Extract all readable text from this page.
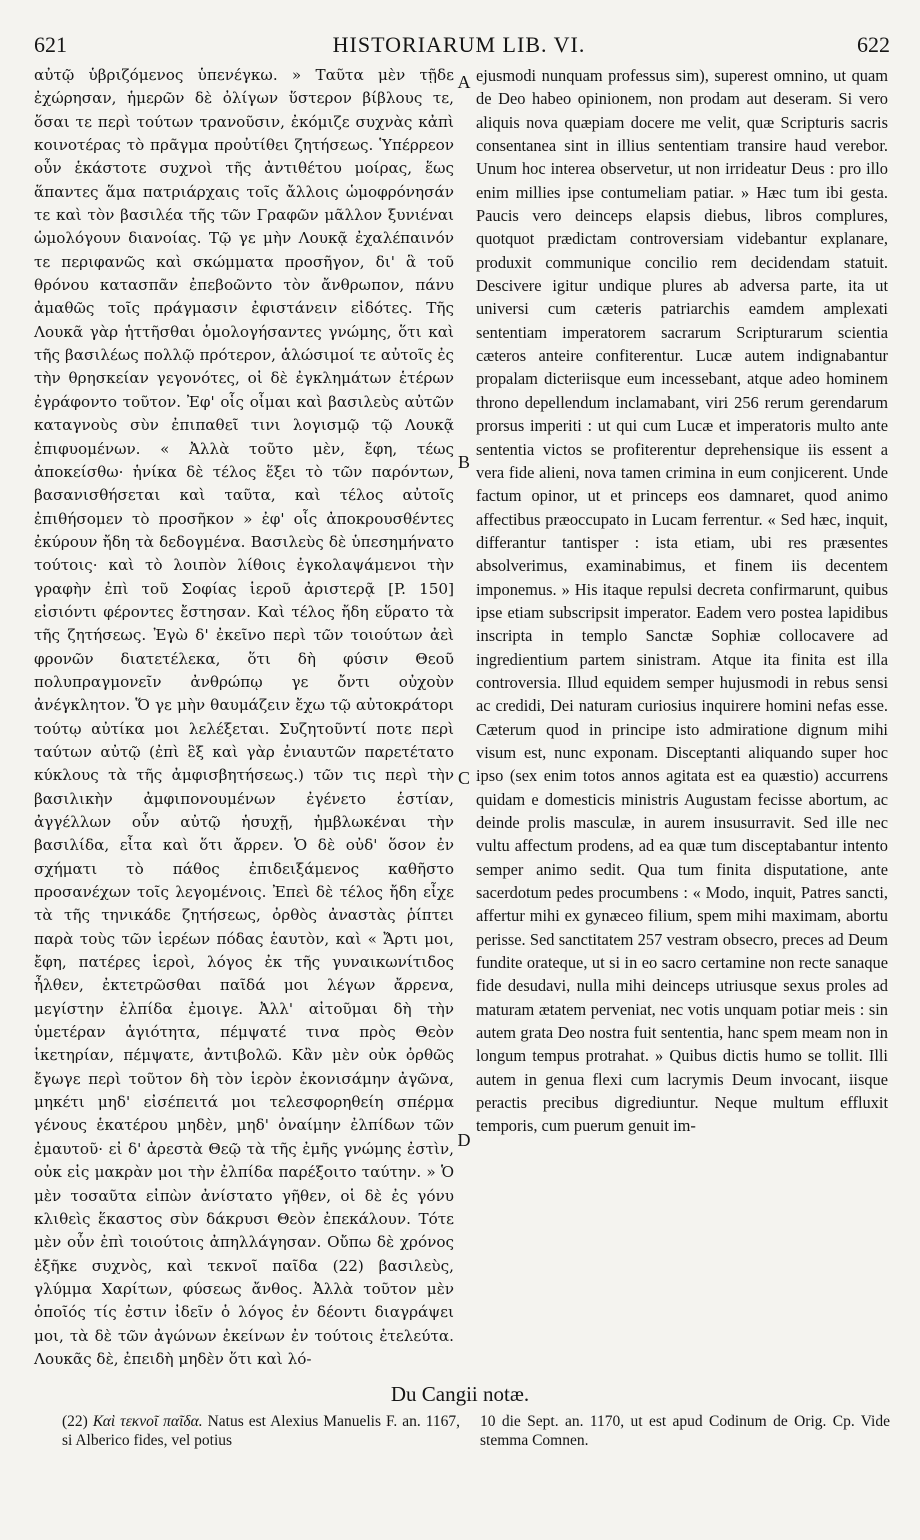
621	HISTORIARUM LIB. VI.	622

αὐτῷ ὑβριζόμενος ὑπενέγκω. » Ταῦτα μὲν τῇδε ἐχώρησαν, ἡμερῶν δὲ ὀλίγων ὕστερον βίβλους τε, ὅσαι τε περὶ τούτων τρανοῦσιν, ἐκόμιζε συχνὰς κἀπὶ κοινοτέρας τὸ πρᾶγμα προὐτίθει ζητήσεως. Ὑπέρρεον οὖν ἑκάστοτε συχνοὶ τῆς ἀντιθέτου μοίρας, ἕως ἅπαντες ἅμα πατριάρχαις τοῖς ἄλλοις ὡμοφρόνησάν τε καὶ τὸν βασιλέα τῆς τῶν Γραφῶν μᾶλλον ξυνιέναι ὡμολόγουν διανοίας. Τῷ γε μὴν Λουκᾷ ἐχαλέπαινόν τε περιφανῶς καὶ σκώμματα προσῆγον, δι' ἃ τοῦ θρόνου κατασπᾶν ἐπεβοῶντο τὸν ἄνθρωπον, πάνυ ἀμαθῶς τοῖς πράγμασιν ἐφιστάνειν εἰδότες. Τῆς Λουκᾶ γὰρ ἡττῆσθαι ὁμολογήσαντες γνώμης, ὅτι καὶ τῆς βασιλέως πολλῷ πρότερον, ἁλώσιμοί τε αὐτοῖς ἐς τὴν θρησκείαν γεγονότες, οἱ δὲ ἐγκλημάτων ἑτέρων ἐγράφοντο τοῦτον. Ἐφ' οἷς οἶμαι καὶ βασιλεὺς αὐτῶν καταγνοὺς σὺν ἐπιπαθεῖ τινι λογισμῷ τῷ Λουκᾷ ἐπιφυομένων. « Ἀλλὰ τοῦτο μὲν, ἔφη, τέως ἀποκείσθω· ἡνίκα δὲ τέλος ἕξει τὸ τῶν παρόντων, βασανισθήσεται καὶ ταῦτα, καὶ τέλος αὐτοῖς ἐπιθήσομεν τὸ προσῆκον » ἐφ' οἷς ἀποκρουσθέντες ἐκύρουν ἤδη τὰ δεδογμένα. Βασιλεὺς δὲ ὑπεσημήνατο τούτοις· καὶ τὸ λοιπὸν λίθοις ἐγκολαψάμενοι τὴν γραφὴν ἐπὶ τοῦ Σοφίας ἱεροῦ ἀριστερᾷ [P. 150] εἰσιόντι φέροντες ἔστησαν. Καὶ τέλος ἤδη εὕρατο τὰ τῆς ζητήσεως. Ἐγὼ δ' ἐκεῖνο περὶ τῶν τοιούτων ἀεὶ φρονῶν διατετέλεκα, ὅτι δὴ φύσιν Θεοῦ πολυπραγμονεῖν ἀνθρώπῳ γε ὄντι οὐχοὺν ἀνέγκλητον. Ὅ γε μὴν θαυμάζειν ἔχω τῷ αὐτοκράτορι τούτῳ αὐτίκα μοι λελέξεται. Συζητοῦντί ποτε περὶ ταύτων αὐτῷ (ἐπὶ ἓξ καὶ γὰρ ἐνιαυτῶν παρετέτατο κύκλους τὰ τῆς ἀμφισβητήσεως.) τῶν τις περὶ τὴν βασιλικὴν ἀμφιπονουμένων ἐγένετο ἑστίαν, ἀγγέλλων οὖν αὐτῷ ἡσυχῇ, ἠμβλωκέναι τὴν βασιλίδα, εἶτα καὶ ὅτι ἄρρεν. Ὁ δὲ οὐδ' ὅσον ἐν σχήματι τὸ πάθος ἐπιδειξάμενος καθῆστο προσανέχων τοῖς λεγομένοις. Ἐπεὶ δὲ τέλος ἤδη εἶχε τὰ τῆς τηνικάδε ζητήσεως, ὀρθὸς ἀναστὰς ῥίπτει παρὰ τοὺς τῶν ἱερέων πόδας ἑαυτὸν, καὶ « Ἄρτι μοι, ἔφη, πατέρες ἱεροὶ, λόγος ἐκ τῆς γυναικωνίτιδος ἦλθεν, ἐκτετρῶσθαι παῖδά μοι λέγων ἄρρενα, μεγίστην ἐλπίδα ἐμοιγε. Ἀλλ' αἰτοῦμαι δὴ τὴν ὑμετέραν ἁγιότητα, πέμψατέ τινα πρὸς Θεὸν ἱκετηρίαν, πέμψατε, ἀντιβολῶ. Κἂν μὲν οὐκ ὀρθῶς ἔγωγε περὶ τοῦτον δὴ τὸν ἱερὸν ἐκονισάμην ἀγῶνα, μηκέτι μηδ' εἰσέπειτά μοι τελεσφορηθείη σπέρμα γένους ἑκατέρου μηδὲν, μηδ' ὀναίμην ἐλπίδων τῶν ἐμαυτοῦ· εἰ δ' ἀρεστὰ Θεῷ τὰ τῆς ἐμῆς γνώμης ἐστὶν, οὐκ εἰς μακρὰν μοι τὴν ἐλπίδα παρέξοιτο ταύτην. » Ὁ μὲν τοσαῦτα εἰπὼν ἀνίστατο γῆθεν, οἱ δὲ ἐς γόνυ κλιθεὶς ἕκαστος σὺν δάκρυσι Θεὸν ἐπεκάλουν. Τότε μὲν οὖν ἐπὶ τοιούτοις ἀπηλλάγησαν. Οὔπω δὲ χρόνος ἐξῆκε συχνὸς, καὶ τεκνοῖ παῖδα (22) βασιλεὺς, γλύμμα Χαρίτων, φύσεως ἄνθος. Ἀλλὰ τοῦτον μὲν ὁποῖός τίς ἐστιν ἰδεῖν ὁ λόγος ἐν δέοντι διαγράψει μοι, τὰ δὲ τῶν ἀγώνων ἐκείνων ἐν τούτοις ἐτελεύτα. Λουκᾶς δὲ, ἐπειδὴ μηδὲν ὅτι καὶ λό-

A
B
C
D

ejusmodi nunquam professus sim), superest omnino, ut quam de Deo habeo opinionem, non prodam aut deseram. Si vero aliquis nova quæpiam docere me velit, quæ Scripturis sacris consentanea sint in illius sententiam transire haud verebor. Unum hoc interea observetur, ut non irrideatur Deus : pro illo enim millies ipse contumeliam patiar. » Hæc tum ibi gesta. Paucis vero deinceps elapsis diebus, libros complures, quotquot prædictam controversiam videbantur explanare, produxit communique concilio rem decidendam statuit. Descivere igitur undique plures ab adversa parte, ita ut universi cum cæteris patriarchis eamdem amplexati sententiam imperatorem sacrarum Scripturarum scientia cæteros anteire confiterentur. Lucæ autem indignabantur propalam dicteriisque eum incessebant, atque adeo hominem throno depellendum inclamabant, viri 256 rerum gerendarum prorsus imperiti : ut qui cum Lucæ et imperatoris multo ante sententia victos se profiterentur deprehensique iis essent a vera fide alieni, nova tamen crimina in eum conjicerent. Unde factum opinor, ut et princeps eos damnaret, quod animo affectibus præoccupato in Lucam ferrentur. « Sed hæc, inquit, differantur tantisper : ista etiam, ubi res præsentes absolverimus, examinabimus, et finem iis decentem imponemus. » His itaque repulsi decreta confirmarunt, quibus ipse etiam subscripsit imperator. Eadem vero postea lapidibus inscripta in templo Sanctæ Sophiæ collocavere ad ingredientium partem sinistram. Atque ita finita est illa controversia. Illud equidem semper hujusmodi in rebus sensi ac credidi, Dei naturam curiosius inquirere homini nefas esse. Cæterum quod in principe isto admiratione dignum mihi visum est, nunc exponam. Disceptanti aliquando super hoc ipso (sex enim totos annos agitata est ea quæstio) accurrens quidam e domesticis ministris Augustam fecisse abortum, ac deinde prolis masculæ, in aurem insusurravit. Sed ille nec vultu affectum prodens, ad ea quæ tum disceptabantur intento semper animo sedit. Qua tum finita disputatione, ante sacerdotum pedes procumbens : « Modo, inquit, Patres sancti, affertur mihi ex gynæceo filium, spem mihi maximam, abortu perisse. Sed sanctitatem 257 vestram obsecro, preces ad Deum fundite orateque, ut si in eo sacro certamine non recte sanaque fide desudavi, nulla mihi deinceps utriusque sexus proles ad maturam ætatem perveniat, nec votis unquam potiar meis : sin autem grata Deo nostra fuit sententia, hanc spem meam non in longum tempus protrahat. » Quibus dictis humo se tollit. Illi autem in genua flexi cum lacrymis Deum invocant, iisque peractis precibus digrediuntur. Neque multum effluxit temporis, cum puerum genuit im-

Du Cangii notæ.
(22) Καὶ τεκνοῖ παῖδα. Natus est Alexius Manuelis F. an. 1167, si Alberico fides, vel potius
10 die Sept. an. 1170, ut est apud Codinum de Orig. Cp. Vide stemma Comnen.
